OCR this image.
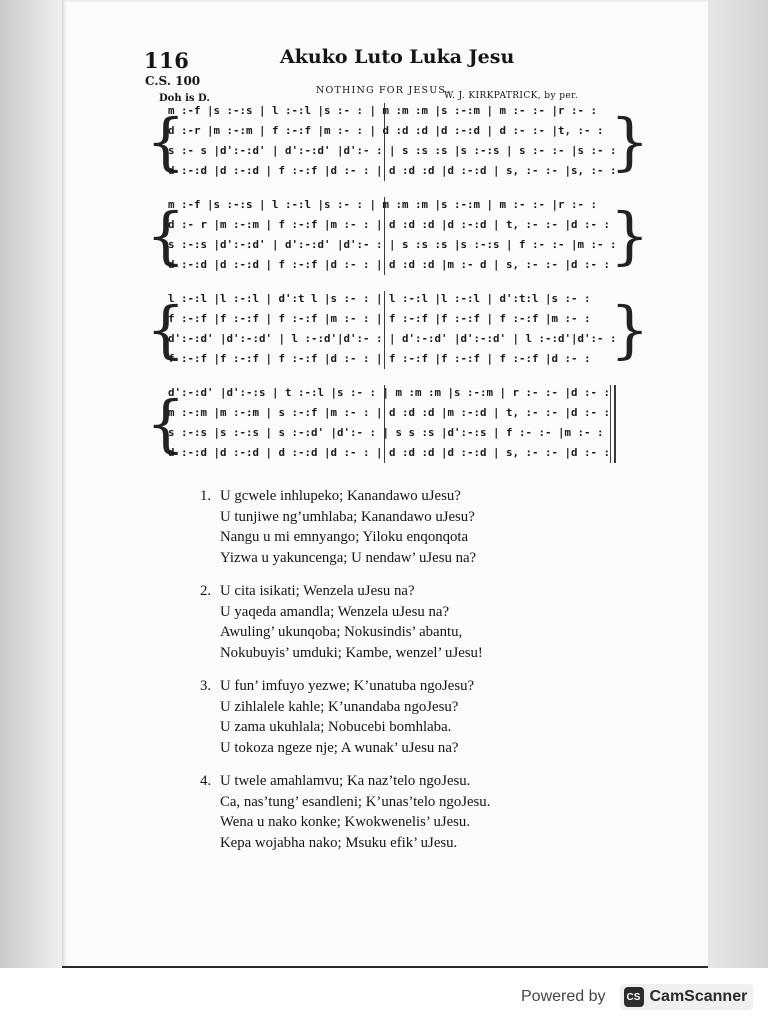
116
C.S. 100
Doh is D.
Akuko Luto Luka Jesu
NOTHING FOR JESUS.
W. J. KIRKPATRICK, by per.
{	}
m :-f |s :-:s | l :-:l |s :- : | m :m :m |s :-:m | m :- :- |r :- :
d :-r |m :-:m | f :-:f |m :- : | d :d :d |d :-:d | d :- :- |t, :- :
s :- s |d':-:d' | d':-:d' |d':- : | s :s :s |s :-:s | s :- :- |s :- :
d :-:d |d :-:d | f :-:f |d :- : | d :d :d |d :-:d | s, :- :- |s, :- :
{	}
m :-f |s :-:s | l :-:l |s :- : | m :m :m |s :-:m | m :- :- |r :- :
d :- r |m :-:m | f :-:f |m :- : | d :d :d |d :-:d | t, :- :- |d :- :
s :-:s |d':-:d' | d':-:d' |d':- : | s :s :s |s :-:s | f :- :- |m :- :
d :-:d |d :-:d | f :-:f |d :- : | d :d :d |m :- d | s, :- :- |d :- :
{	}
l :-:l |l :-:l | d':t l |s :- : | l :-:l |l :-:l | d':t:l |s :- :
f :-:f |f :-:f | f :-:f |m :- : | f :-:f |f :-:f | f :-:f |m :- :
d':-:d' |d':-:d' | l :-:d'|d':- : | d':-:d' |d':-:d' | l :-:d'|d':- :
f :-:f |f :-:f | f :-:f |d :- : | f :-:f |f :-:f | f :-:f |d :- :
{
d':-:d' |d':-:s | t :-:l |s :- : | m :m :m |s :-:m | r :- :- |d :- :
m :-:m |m :-:m | s :-:f |m :- : | d :d :d |m :-:d | t, :- :- |d :- :
s :-:s |s :-:s | s :-:d' |d':- : | s s :s |d':-:s | f :- :- |m :- :
d :-:d |d :-:d | d :-:d |d :- : | d :d :d |d :-:d | s, :- :- |d :- :
1. U gcwele inhlupeko; Kanandawo uJesu?
U tunjiwe ng’umhlaba; Kanandawo uJesu?
Nangu u mi emnyango; Yiloku enqonqota
Yizwa u yakuncenga; U nendaw’ uJesu na?
2. U cita isikati; Wenzela uJesu na?
U yaqeda amandla; Wenzela uJesu na?
Awuling’ ukunqoba; Nokusindis’ abantu,
Nokubuyis’ umduki; Kambe, wenzel’ uJesu!
3. U fun’ imfuyo yezwe; K’unatuba ngoJesu?
U zihlalele kahle; K’unandaba ngoJesu?
U zama ukuhlala; Nobucebi bomhlaba.
U tokoza ngeze nje; A wunak’ uJesu na?
4. U twele amahlamvu; Ka naz’telo ngoJesu.
Ca, nas’tung’ esandleni; K’unas’telo ngoJesu.
Wena u nako konke; Kwokwenelis’ uJesu.
Kepa wojabha nako; Msuku efik’ uJesu.
Powered by	CS CamScanner
